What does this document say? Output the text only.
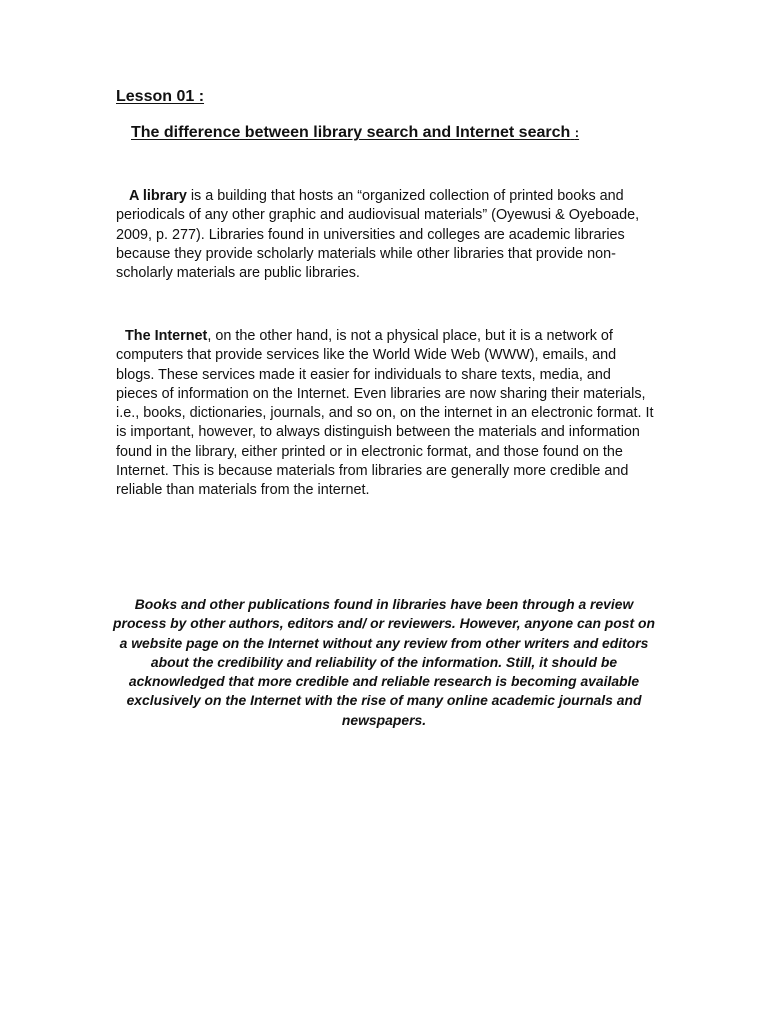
Lesson 01 :
The difference between library search and Internet search :

A library is a building that hosts an “organized collection of printed books and periodicals of any other graphic and audiovisual materials” (Oyewusi & Oyeboade, 2009, p. 277). Libraries found in universities and colleges are academic libraries because they provide scholarly materials while other libraries that provide non-scholarly materials are public libraries.

The Internet, on the other hand, is not a physical place, but it is a network of computers that provide services like the World Wide Web (WWW), emails, and blogs. These services made it easier for individuals to share texts, media, and pieces of information on the Internet. Even libraries are now sharing their materials, i.e., books, dictionaries, journals, and so on, on the internet in an electronic format. It is important, however, to always distinguish between the materials and information found in the library, either printed or in electronic format, and those found on the Internet. This is because materials from libraries are generally more credible and reliable than materials from the internet.

Books and other publications found in libraries have been through a review process by other authors, editors and/ or reviewers. However, anyone can post on a website page on the Internet without any review from other writers and editors about the credibility and reliability of the information. Still, it should be acknowledged that more credible and reliable research is becoming available exclusively on the Internet with the rise of many online academic journals and newspapers.
